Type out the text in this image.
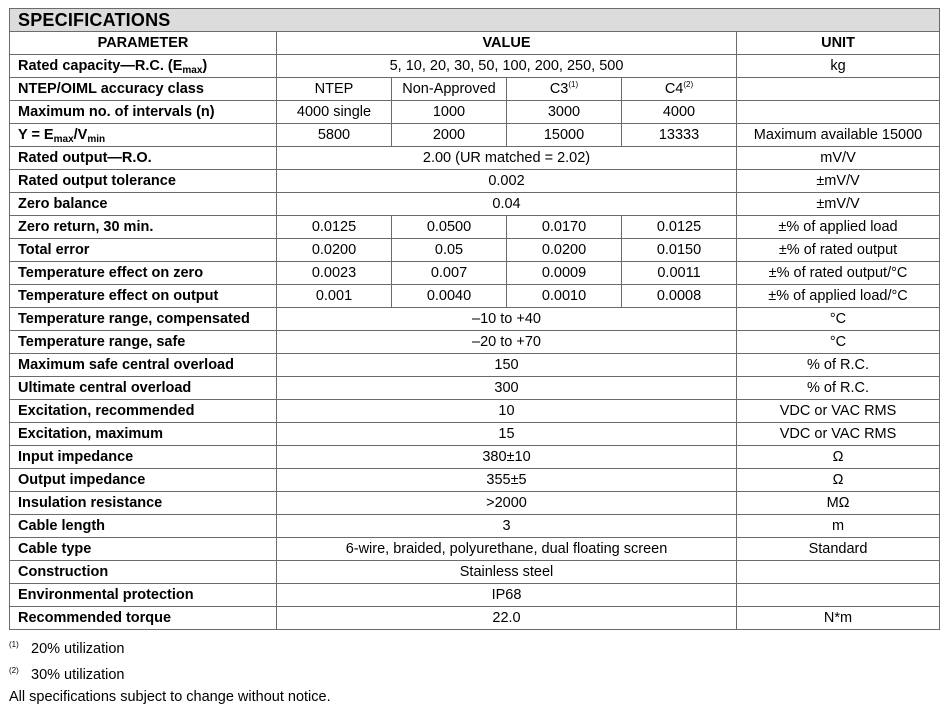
SPECIFICATIONS					
PARAMETER	VALUE				UNIT
Rated capacity—R.C. $(E_{max})$	5, 10, 20, 30, 50, 100, 200, 250, 500				kg
NTEP/OIML accuracy class	NTEP	Non-Approved	C3$^{(1)}$	C4$^{(2)}$	
Maximum no. of intervals (n)	4000 single	1000	3000	4000	
$Y = E_{max}/V_{min}$	5800	2000	15000	13333	Maximum available 15000
Rated output—R.O.	2.00 (UR matched = 2.02)				mV/V
Rated output tolerance	0.002				±mV/V
Zero balance	0.04				±mV/V
Zero return, 30 min.	0.0125	0.0500	0.0170	0.0125	±% of applied load
Total error	0.0200	0.05	0.0200	0.0150	±% of rated output
Temperature effect on zero	0.0023	0.007	0.0009	0.0011	±% of rated output/°C
Temperature effect on output	0.001	0.0040	0.0010	0.0008	±% of applied load/°C
Temperature range, compensated	–10 to +40				°C
Temperature range, safe	–20 to +70				°C
Maximum safe central overload	150				% of R.C.
Ultimate central overload	300				% of R.C.
Excitation, recommended	10				VDC or VAC RMS
Excitation, maximum	15				VDC or VAC RMS
Input impedance	380±10				Ω
Output impedance	355±5				Ω
Insulation resistance	>2000				MΩ
Cable length	3				m
Cable type	6-wire, braided, polyurethane, dual floating screen				Standard
Construction	Stainless steel				
Environmental protection	IP68				
Recommended torque	22.0				N*m
(1) 20% utilization
(2) 30% utilization
All specifications subject to change without notice.
